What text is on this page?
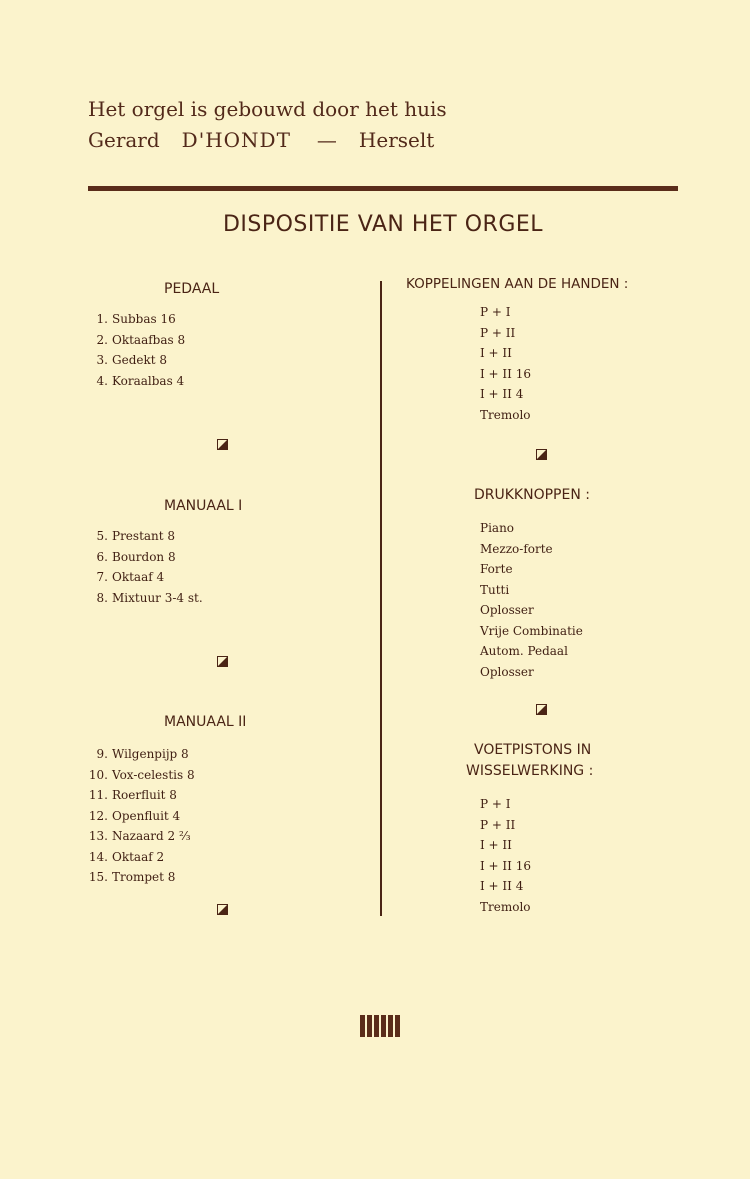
Het orgel is gebouwd door het huis
Gerard D'HONDT — Herselt
DISPOSITIE VAN HET ORGEL
PEDAAL
1. Subbas 16
2. Oktaafbas 8
3. Gedekt 8
4. Koraalbas 4
MANUAAL I
5. Prestant 8
6. Bourdon 8
7. Oktaaf 4
8. Mixtuur 3-4 st.
MANUAAL II
9. Wilgenpijp 8
10. Vox-celestis 8
11. Roerfluit 8
12. Openfluit 4
13. Nazaard 2 ⅔
14. Oktaaf 2
15. Trompet 8
KOPPELINGEN AAN DE HANDEN :
P + I
P + II
I + II
I + II 16
I + II 4
Tremolo
DRUKKNOPPEN :
Piano
Mezzo-forte
Forte
Tutti
Oplosser
Vrije Combinatie
Autom. Pedaal
Oplosser
VOETPISTONS IN
WISSELWERKING :
P + I
P + II
I + II
I + II 16
I + II 4
Tremolo
